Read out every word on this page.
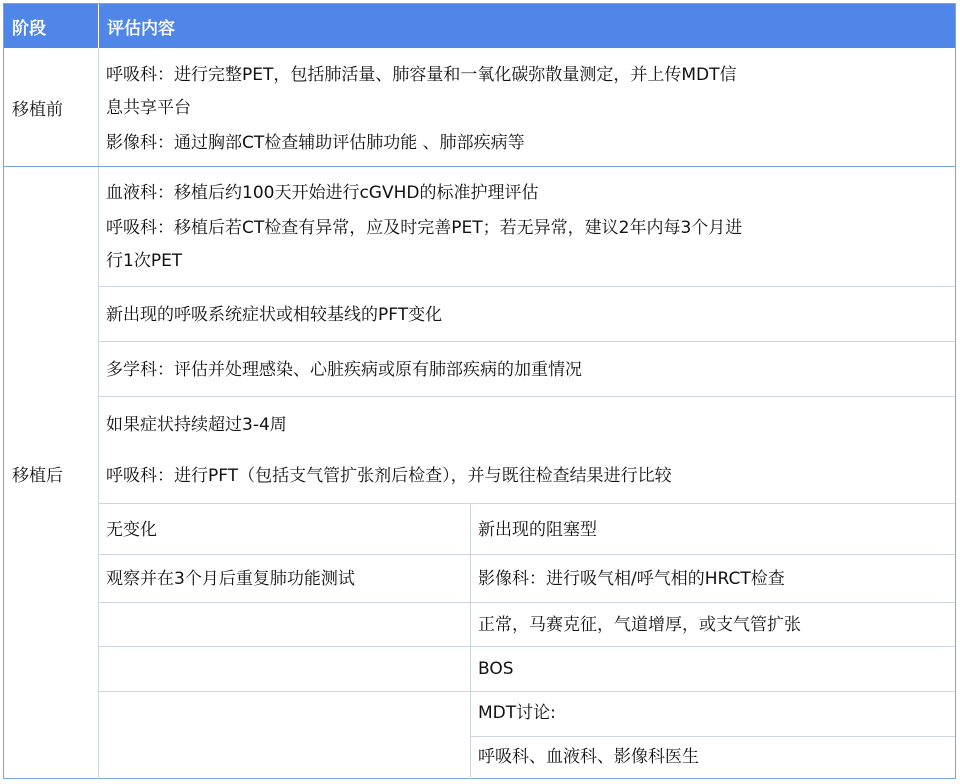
阶段	评估内容
移植前
移植后
呼吸科：进行完整PET，包括肺活量、肺容量和一氧化碳弥散量测定，并上传MDT信
息共享平台
影像科：通过胸部CT检查辅助评估肺功能 、肺部疾病等
血液科：移植后约100天开始进行cGVHD的标准护理评估
呼吸科：移植后若CT检查有异常，应及时完善PET；若无异常，建议2年内每3个月进
行1次PET
新出现的呼吸系统症状或相较基线的PFT变化
多学科：评估并处理感染、心脏疾病或原有肺部疾病的加重情况
如果症状持续超过3-4周
呼吸科：进行PFT（包括支气管扩张剂后检查），并与既往检查结果进行比较
无变化
观察并在3个月后重复肺功能测试
新出现的阻塞型
影像科：进行吸气相/呼气相的HRCT检查
正常，马赛克征，气道增厚，或支气管扩张
BOS
MDT讨论:
呼吸科、血液科、影像科医生
